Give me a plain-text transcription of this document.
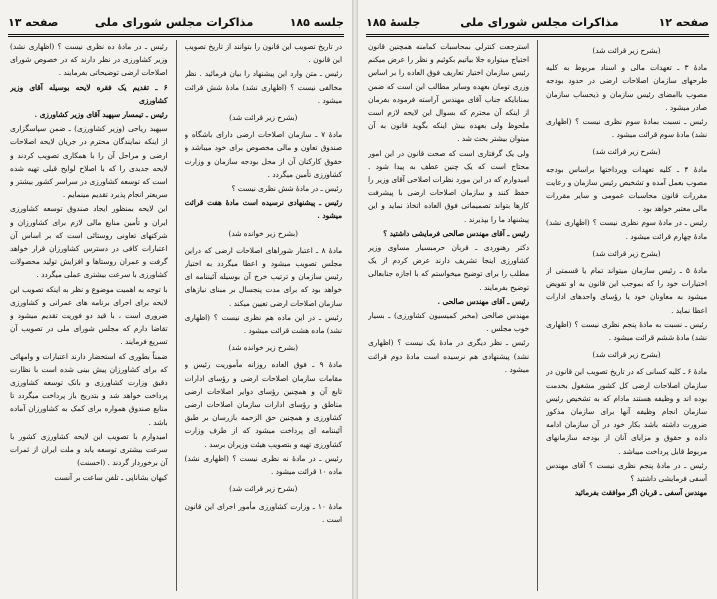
صفحه ۱۲
مذاكرات مجلس شوراى ملى
جلسهٔ ۱۸۵

(بشرح زیر قرائت شد)

مادهٔ ۳ ـ تعهدات مالی و اسناد مربوط به کلیه طرحهای سازمان اصلاحات ارضی در حدود بودجه مصوب باامضای رئیس سازمان و ذیحساب سازمان صادر میشود .

رئیس ـ نسبت بمادهٔ سوم نظری نیست ؟ (اظهاری نشد) مادهٔ سوم قرائت میشود .

(بشرح زیر قرائت شد)

مادهٔ ۴ ـ کلیه تعهدات وپرداختها براساس بودجه مصوب بعمل آمده و تشخیص رئیس سازمان و رعایت مقررات قانون محاسبات عمومی و سایر مقررات مالی معتبر خواهد بود .

رئیس ـ در مادهٔ سوم نظری نیست ؟ (اظهاری نشد) مادهٔ چهارم قرائت میشود .

(بشرح زیر قرائت شد)

مادهٔ ۵ ـ رئیس سازمان میتواند تمام یا قسمتی از اختیارات خود را که بموجب این قانون به او تفویض میشود به معاونان خود یا رؤسای واحدهای ادارات اعطا نماید .

رئیس ـ نسبت به مادهٔ پنجم نظری نیست ؟ (اظهاری نشد) مادهٔ ششم قرائت میشود .

(بشرح زیر قرائت شد)

مادهٔ ۶ ـ کلیه کسانی که در تاریخ تصویب این قانون در سازمان اصلاحات ارضی کل کشور مشغول بخدمت بوده اند و وظیفه هستند مادام که به تشخیص رئیس سازمان انجام وظیفه آنها برای سازمان مذکور ضرورت داشته باشد بکار خود در آن سازمان ادامه داده و حقوق و مزایای آنان از بودجه سازمانهای مربوط قابل پرداخت میباشد .

رئیس ـ در مادهٔ پنجم نظری نیست ؟ آقای مهندس آسفی فرمایشی داشتید ؟

مهندس آسفی ـ قربان اگر موافقت بفرمائید

استرجعت كنترلي بمحاسبات كمامنه همچنين قانون اختياج ميتواره جلا بياتيم بكوئيم و نظر را عرض ميكنم رئيس سازمان اختيار تعاريف فوق العاده را بر اساس وزرى تومان بعهده وسایر مطالب این است که ضمن بمنابایکه جناب آقای مهندس آراسته فرموده بفرمان از اینکه آن محترم که بسوال این لایحه لازم است ملحوظ ولی بعهده بیش اینکه بگوید قانون به آن میتوان بیشتر بحث شد .

ولی یک گرفتاری است که صحت قانون در این امور محتاج است که یک چنین عطف به پیدا شود . امیدوارم که در این مورد نظرات اصلاحی آقای وزیر را حفظ کنند و سازمان اصلاحات ارضی با پیشرفت کارها بتواند تصمیماتی فوق العاده اتخاذ نماید و این پیشنهاد ما را بپذیرند .

رئیس ـ آقای مهندس صالحی فرمایشی داشتید ؟

دکتر رهنوردی ـ قربان حرمبسیار مساوی وزیر کشاورزی اینجا تشریف دارند عرض کردم از یک مطلب را برای توضیح میخواستم که با اجازه جنابعالی توضیح بفرمایند .

رئیس ـ آقای مهندس صالحی .

مهندس صالحی (مخبر کمیسیون کشاورزی) ـ بسیار خوب مجلس .

رئیس ـ نظر دیگری در مادهٔ یک نیست ؟ (اظهاری نشد) پیشنهادی هم نرسیده است مادهٔ دوم قرائت میشود .

جلسه ۱۸۵
مذاكرات مجلس شوراى ملى
صفحه ۱۳

در تاریخ تصویب این قانون را بتوانند از تاریخ تصویب این قانون .

رئیس ـ متن وارد این پیشنهاد را بیان فرمائید . نظر مخالفی نیست ؟ (اظهاری نشد) مادهٔ شش قرائت میشود .

(بشرح زیر قرائت شد)

مادهٔ ۷ ـ سازمان اصلاحات ارضی دارای باشگاه و صندوق تعاون و مالی مخصوص برای خود میباشد و حقوق کارکنان آن از محل بودجه سازمان و وزارت کشاورزی تأمین میگردد .

رئیس ـ در مادهٔ شش نظری نیست ؟

رئیس ـ پیشنهادی نرسیده است مادهٔ هفت قرائت میشود .

(بشرح زیر خوانده شد)

مادهٔ ۸ ـ اعتبار شوراهای اصلاحات ارضی که دراین مجلس تصویب میشود و اعطا میگردد به اختیار رئیس سازمان و ترتیب خرج آن بوسیله آئیننامه ای خواهد بود که برای مدت پنجسال بر مبنای نیازهای سازمان اصلاحات ارضی تعیین میکند .

رئیس ـ در این ماده هم نظری نیست ؟ (اظهاری نشد) ماده هشت قرائت میشود .

(بشرح زیر خوانده شد)

مادهٔ ۹ ـ فوق العاده روزانه مأموریت رئیس و مقامات سازمان اصلاحات ارضی و رؤسای ادارات تابع آن و همچنین رؤسای دوایر اصلاحات ارضی مناطق و رؤسای ادارات سازمان اصلاحات ارضی کشاورزی و همچنین حق الزحمه بازرسان بر طبق آئیننامه ای پرداخت میشود که از طرف وزارت کشاورزی تهیه و بتصویب هیئت وزیران برسد .

رئیس ـ در مادهٔ نه نظری نیست ؟ (اظهاری نشد) ماده ۱۰ قرائت میشود .

(بشرح زیر قرائت شد)

مادهٔ ۱۰ ـ وزارت کشاورزی مأمور اجرای این قانون است .

رئیس ـ در مادهٔ ده نظری نیست ؟ (اظهاری نشد) وزیر کشاورزی در نظر دارند که در خصوص شورای اصلاحات ارضی توضیحاتی بفرمایند .

۶ ـ تقدیم یک فقره لایحه بوسیله آقای وزیر کشاورزی

رئیس ـ تیمسار سپهبد آقای وزیر کشاورزی .

سپهبد ریاحی (وزیر کشاورزی) ـ ضمن سپاسگزاری از اینکه نمایندگان محترم در جریان لایحه اصلاحات ارضی و مراحل آن را با همکاری تصویب کردند و لایحه جدیدی را که با اصلاح لوایح قبلی تهیه شده است که توسعه کشاورزی در سراسر کشور بیشتر و سریعتر انجام پذیرد تقدیم مینمایم .

این لایحه بمنظور ایجاد صندوق توسعه کشاورزی ایران و تأمین منابع مالی لازم برای کشاورزان و شرکتهای تعاونی روستائی است که بر اساس آن اعتبارات کافی در دسترس کشاورزان قرار خواهد گرفت و عمران روستاها و افزایش تولید محصولات کشاورزی با سرعت بیشتری عملی میگردد .

با توجه به اهمیت موضوع و نظر به اینکه تصویب این لایحه برای اجرای برنامه های عمرانی و کشاورزی ضروری است ، با قید دو فوریت تقدیم میشود و تقاضا دارم که مجلس شورای ملی در تصویب آن تسریع فرمایند .

ضمناً بطوری که استحضار دارند اعتبارات و وامهائی که برای کشاورزان پیش بینی شده است با نظارت دقیق وزارت کشاورزی و بانک توسعه کشاورزی پرداخت خواهد شد و بتدریج باز پرداخت میگردد تا منابع صندوق همواره برای کمک به کشاورزان آماده باشد .

امیدوارم با تصویب این لایحه کشاورزی کشور با سرعت بیشتری توسعه یابد و ملت ایران از ثمرات آن برخوردار گردند . (احسنت)

کیهان بشاناپی ـ تلفن ساعت بر آنست
